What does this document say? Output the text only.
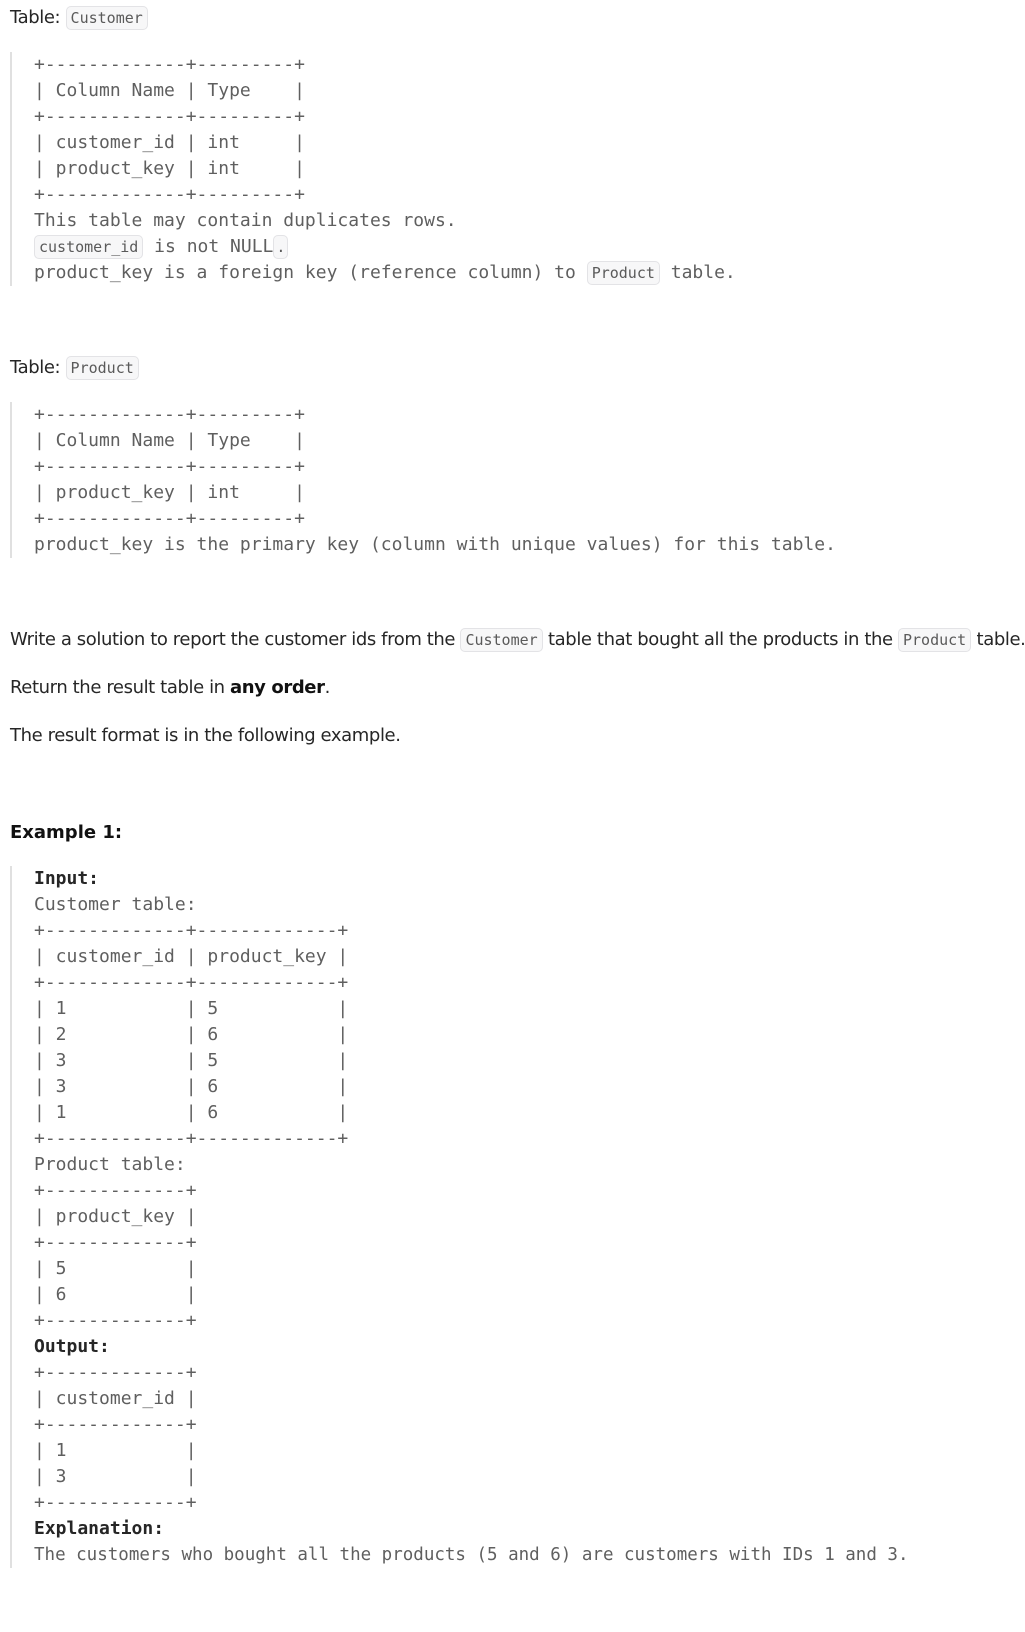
Table: Customer
+-------------+---------+
| Column Name | Type    |
+-------------+---------+
| customer_id | int     |
| product_key | int     |
+-------------+---------+
This table may contain duplicates rows.
customer_id is not NULL .
product_key is a foreign key (reference column) to Product table.
Table: Product
+-------------+---------+
| Column Name | Type    |
+-------------+---------+
| product_key | int     |
+-------------+---------+
product_key is the primary key (column with unique values) for this table.
Write a solution to report the customer ids from the Customer table that bought all the products in the Product table.
Return the result table in any order.
The result format is in the following example.
Example 1:
Input:
Customer table:
+-------------+-------------+
| customer_id | product_key |
+-------------+-------------+
| 1           | 5           |
| 2           | 6           |
| 3           | 5           |
| 3           | 6           |
| 1           | 6           |
+-------------+-------------+
Product table:
+-------------+
| product_key |
+-------------+
| 5           |
| 6           |
+-------------+
Output:
+-------------+
| customer_id |
+-------------+
| 1           |
| 3           |
+-------------+
Explanation:
The customers who bought all the products (5 and 6) are customers with IDs 1 and 3.
